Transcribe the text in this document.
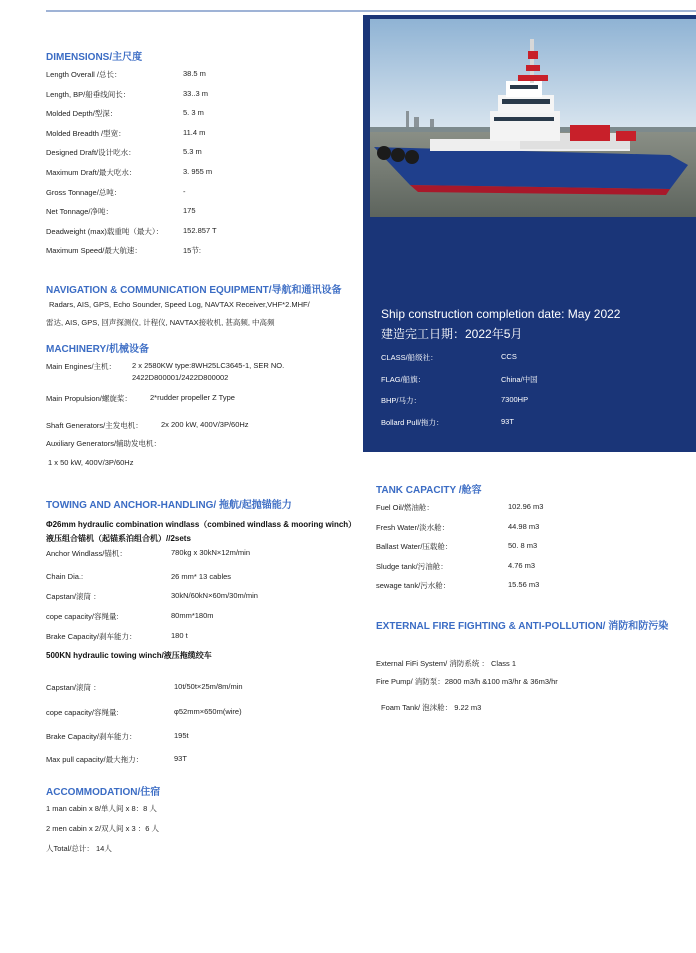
DIMENSIONS/主尺度
Length Overall /总长：	38.5 m
Length, BP/船垂线间长：	33..3 m
Molded Depth/型深：	5. 3 m
Molded Breadth /型宽：	11.4 m
Designed Draft/设计吃水：	5.3 m
Maximum Draft/最大吃水：	3. 955 m
Gross Tonnage/总吨：	-
Net Tonnage/净吨：	175
Deadweight (max)载重吨（最大）：	152.857 T
Maximum Speed/最大航速：	15节:
NAVIGATION & COMMUNICATION EQUIPMENT/导航和通讯设备
Radars, AIS, GPS, Echo Sounder, Speed Log, NAVTAX Receiver,VHF*2.MHF/
雷达, AIS, GPS, 回声探测仪, 计程仪, NAVTAX接收机, 甚高频, 中高频
MACHINERY/机械设备
Main Engines/主机： 2 x 2580KW type:8WH25LC3645-1, SER NO.
2422D800001/2422D800002
Main Propulsion/螺旋桨： 2*rudder propeller Z Type
Shaft Generators/主发电机： 2x 200 kW, 400V/3P/60Hz
Auxiliary Generators/辅助发电机：
1 x 50 kW, 400V/3P/60Hz
TOWING AND ANCHOR-HANDLING/ 拖航/起抛锚能力
Φ26mm hydraulic combination windlass（combined windlass & mooring winch）
液压组合锚机（起锚系泊组合机）//2sets
Anchor Windlass/锚机：	780kg x 30kN×12m/min
Chain Dia.:	26 mm* 13 cables
Capstan/滚筒 ：	30kN/60kN×60m/30m/min
cope capacity/容绳量:	80mm*180m
Brake Capacity/刹车能力：	180 t
500KN hydraulic towing winch/液压拖缆绞车
Capstan/滚筒 ：	10t/50t×25m/8m/min
cope capacity/容绳量:	φ52mm×650m(wire)
Brake Capacity/刹车能力：	195t
Max pull capacity/最大拖力：	93T
ACCOMMODATION/住宿
1 man cabin x 8/单人间 x 8：8 人
2 men cabin x 2/双人间 x 3 ：6 人
人Total/总计： 14人
Ship construction completion date: May 2022
建造完工日期：2022年5月
CLASS/船级社：	CCS
FLAG/船旗：	China/中国
BHP/马力：	7300HP
Bollard Pull/拖力：	93T
TANK CAPACITY /舱容
Fuel Oil/燃油舱：	102.96 m3
Fresh Water/淡水舱：	44.98 m3
Ballast Water/压载舱：	50. 8 m3
Sludge tank/污油舱：	4.76 m3
sewage tank/污水舱：	15.56 m3
EXTERNAL FIRE FIGHTING & ANTI-POLLUTION/ 消防和防污染
External FiFi System/ 消防系统 ： Class 1
Fire Pump/ 消防泵：2800 m3/h &100 m3/hr & 36m3/hr
Foam Tank/ 泡沫舱： 9.22 m3
